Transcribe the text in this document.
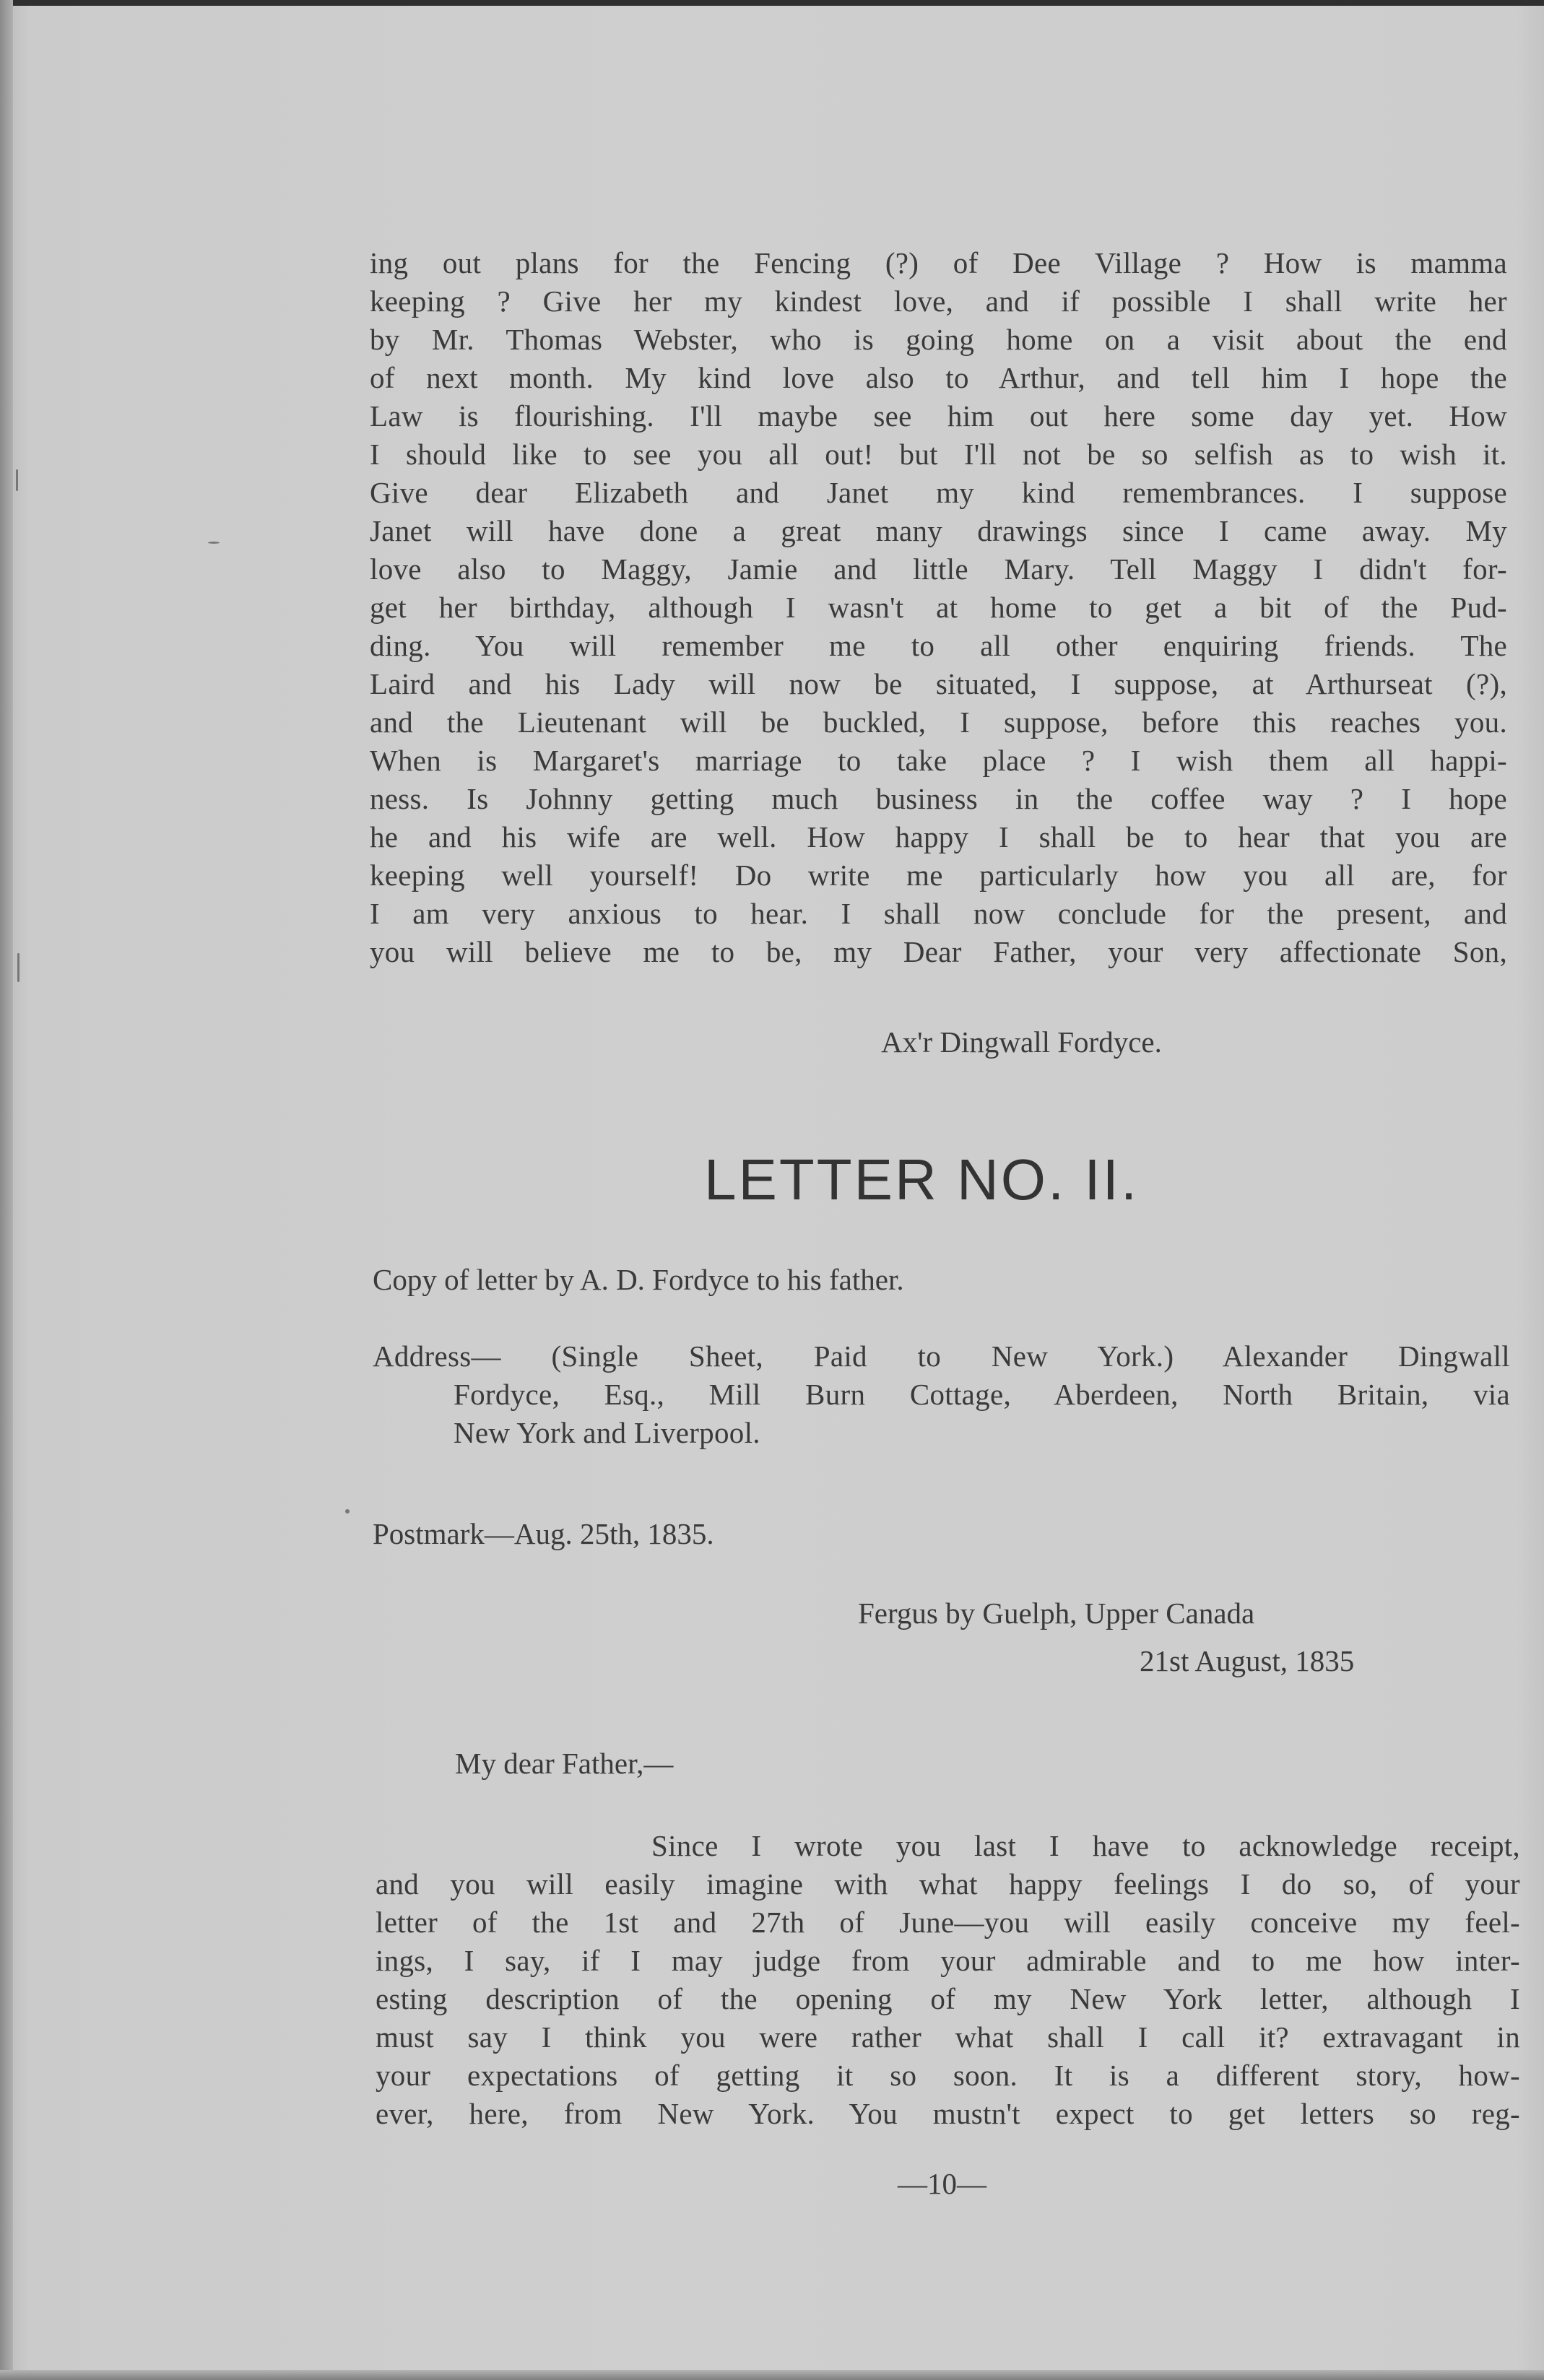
ing out plans for the Fencing (?) of Dee Village ? How is mamma
keeping ? Give her my kindest love, and if possible I shall write her
by Mr. Thomas Webster, who is going home on a visit about the end
of next month. My kind love also to Arthur, and tell him I hope the
Law is flourishing. I'll maybe see him out here some day yet. How
I should like to see you all out! but I'll not be so selfish as to wish it.
Give dear Elizabeth and Janet my kind remembrances. I suppose
Janet will have done a great many drawings since I came away. My
love also to Maggy, Jamie and little Mary. Tell Maggy I didn't for-
get her birthday, although I wasn't at home to get a bit of the Pud-
ding. You will remember me to all other enquiring friends. The
Laird and his Lady will now be situated, I suppose, at Arthurseat (?),
and the Lieutenant will be buckled, I suppose, before this reaches you.
When is Margaret's marriage to take place ? I wish them all happi-
ness. Is Johnny getting much business in the coffee way ? I hope
he and his wife are well. How happy I shall be to hear that you are
keeping well yourself! Do write me particularly how you all are, for
I am very anxious to hear. I shall now conclude for the present, and
you will believe me to be, my Dear Father, your very affectionate Son,
Ax'r Dingwall Fordyce.
LETTER NO. II.
Copy of letter by A. D. Fordyce to his father.
Address— (Single Sheet, Paid to New York.) Alexander Dingwall
Fordyce, Esq., Mill Burn Cottage, Aberdeen, North Britain, via
New York and Liverpool.
Postmark—Aug. 25th, 1835.
Fergus by Guelph, Upper Canada
21st August, 1835
My dear Father,—
Since I wrote you last I have to acknowledge receipt,
and you will easily imagine with what happy feelings I do so, of your
letter of the 1st and 27th of June—you will easily conceive my feel-
ings, I say, if I may judge from your admirable and to me how inter-
esting description of the opening of my New York letter, although I
must say I think you were rather what shall I call it? extravagant in
your expectations of getting it so soon. It is a different story, how-
ever, here, from New York. You mustn't expect to get letters so reg-
—10—
